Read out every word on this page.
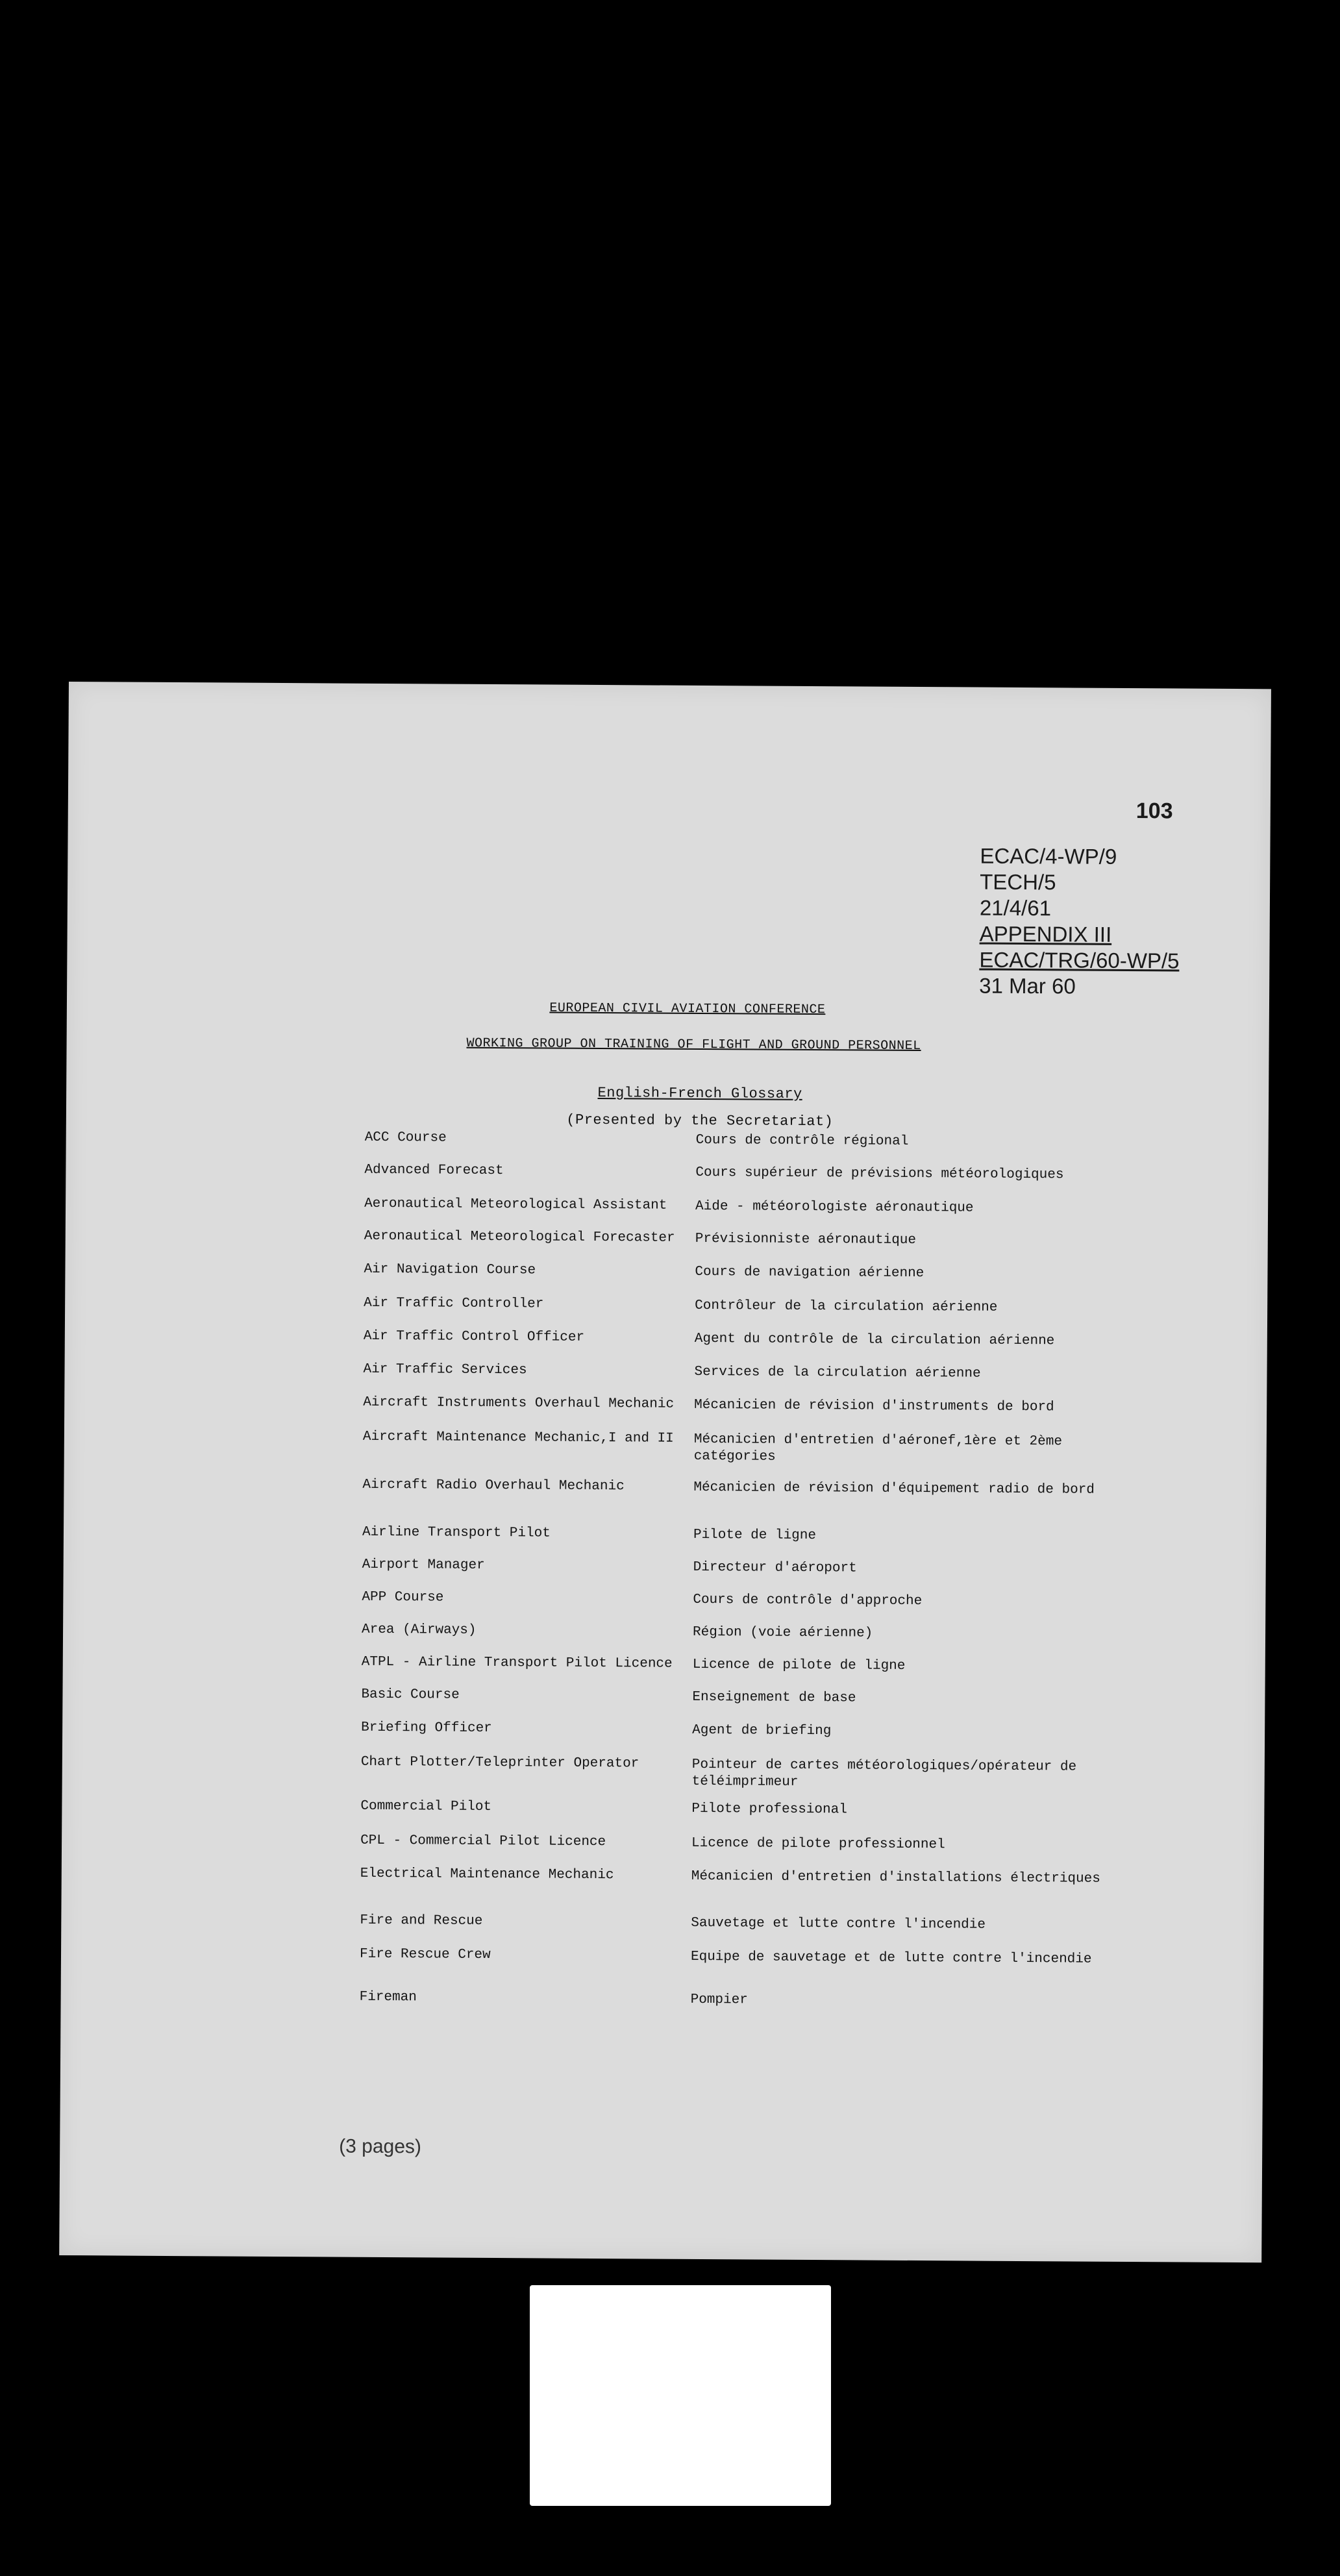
103
ECAC/4-WP/9
TECH/5
21/4/61
APPENDIX III
ECAC/TRG/60-WP/5
31 Mar 60
EUROPEAN CIVIL AVIATION CONFERENCE
WORKING GROUP ON TRAINING OF FLIGHT AND GROUND PERSONNEL
English-French Glossary
(Presented by the Secretariat)
ACC Course	Cours de contrôle régional
Advanced Forecast	Cours supérieur de prévisions météorologiques
Aeronautical Meteorological Assistant	Aide - météorologiste aéronautique
Aeronautical Meteorological Forecaster	Prévisionniste aéronautique
Air Navigation Course	Cours de navigation aérienne
Air Traffic Controller	Contrôleur de la circulation aérienne
Air Traffic Control Officer	Agent du contrôle de la circulation aérienne
Air Traffic Services	Services de la circulation aérienne
Aircraft Instruments Overhaul Mechanic	Mécanicien de révision d'instruments de bord
Aircraft Maintenance Mechanic,I and II	Mécanicien d'entretien d'aéronef,1ère et 2ème catégories
Aircraft Radio Overhaul Mechanic	Mécanicien de révision d'équipement radio de bord
Airline Transport Pilot	Pilote de ligne
Airport Manager	Directeur d'aéroport
APP Course	Cours de contrôle d'approche
Area (Airways)	Région (voie aérienne)
ATPL - Airline Transport Pilot Licence	Licence de pilote de ligne
Basic Course	Enseignement de base
Briefing Officer	Agent de briefing
Chart Plotter/Teleprinter Operator	Pointeur de cartes météorologiques/opérateur de téléimprimeur
Commercial Pilot	Pilote professional
CPL - Commercial Pilot Licence	Licence de pilote professionnel
Electrical Maintenance Mechanic	Mécanicien d'entretien d'installations électriques
Fire and Rescue	Sauvetage et lutte contre l'incendie
Fire Rescue Crew	Equipe de sauvetage et de lutte contre l'incendie
Fireman	Pompier
(3 pages)
